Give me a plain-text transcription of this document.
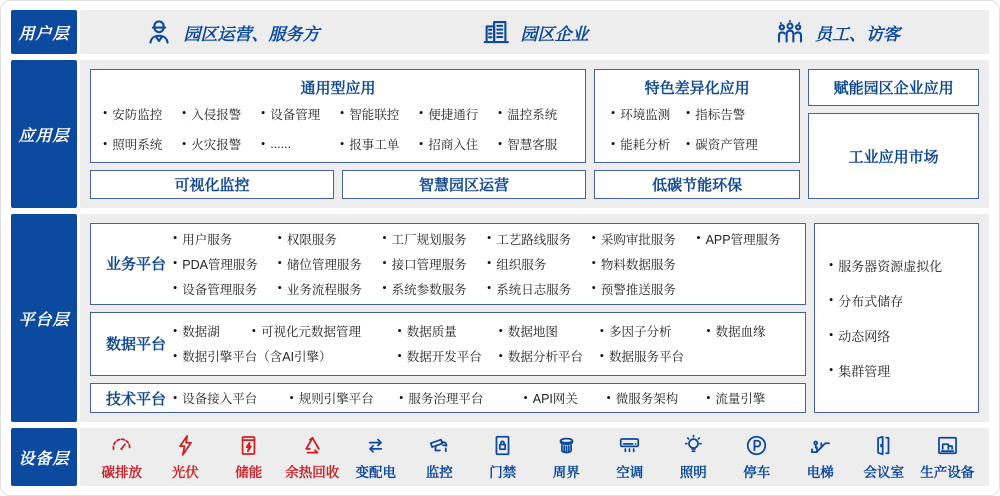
用户层	园区运营、服务方	园区企业	员工、访客
应用层
通用型应用
● 安防监控	● 入侵报警	● 设备管理	● 智能联控	● 便捷通行	● 温控系统
● 照明系统	● 火灾报警	● ......	● 报事工单	● 招商入住	● 智慧客服
可视化监控	智慧园区运营
特色差异化应用
● 环境监测	● 指标告警
● 能耗分析	● 碳资产管理
低碳节能环保
赋能园区企业应用
工业应用市场
平台层
业务平台
● 用户服务	● 权限服务	● 工厂规划服务	● 工艺路线服务	● 采购审批服务	● APP管理服务
● PDA管理服务	● 储位管理服务	● 接口管理服务	● 组织服务	● 物料数据服务
● 设备管理服务	● 业务流程服务	● 系统参数服务	● 系统日志服务	● 预警推送服务
数据平台
● 数据湖	● 可视化元数据管理	● 数据质量	● 数据地图	● 多因子分析	● 数据血缘
● 数据引擎平台（含AI引擎）	● 数据开发平台	● 数据分析平台	● 数据服务平台
技术平台	● 设备接入平台	● 规则引擎平台	● 服务治理平台	● API网关	● 微服务架构	● 流量引擎
● 服务器资源虚拟化
● 分布式储存
● 动态网络
● 集群管理
设备层
碳排放 光伏	储能 余热回收 变配电 监控	门禁	周界	空调	照明	停车	电梯 会议室 生产设备
